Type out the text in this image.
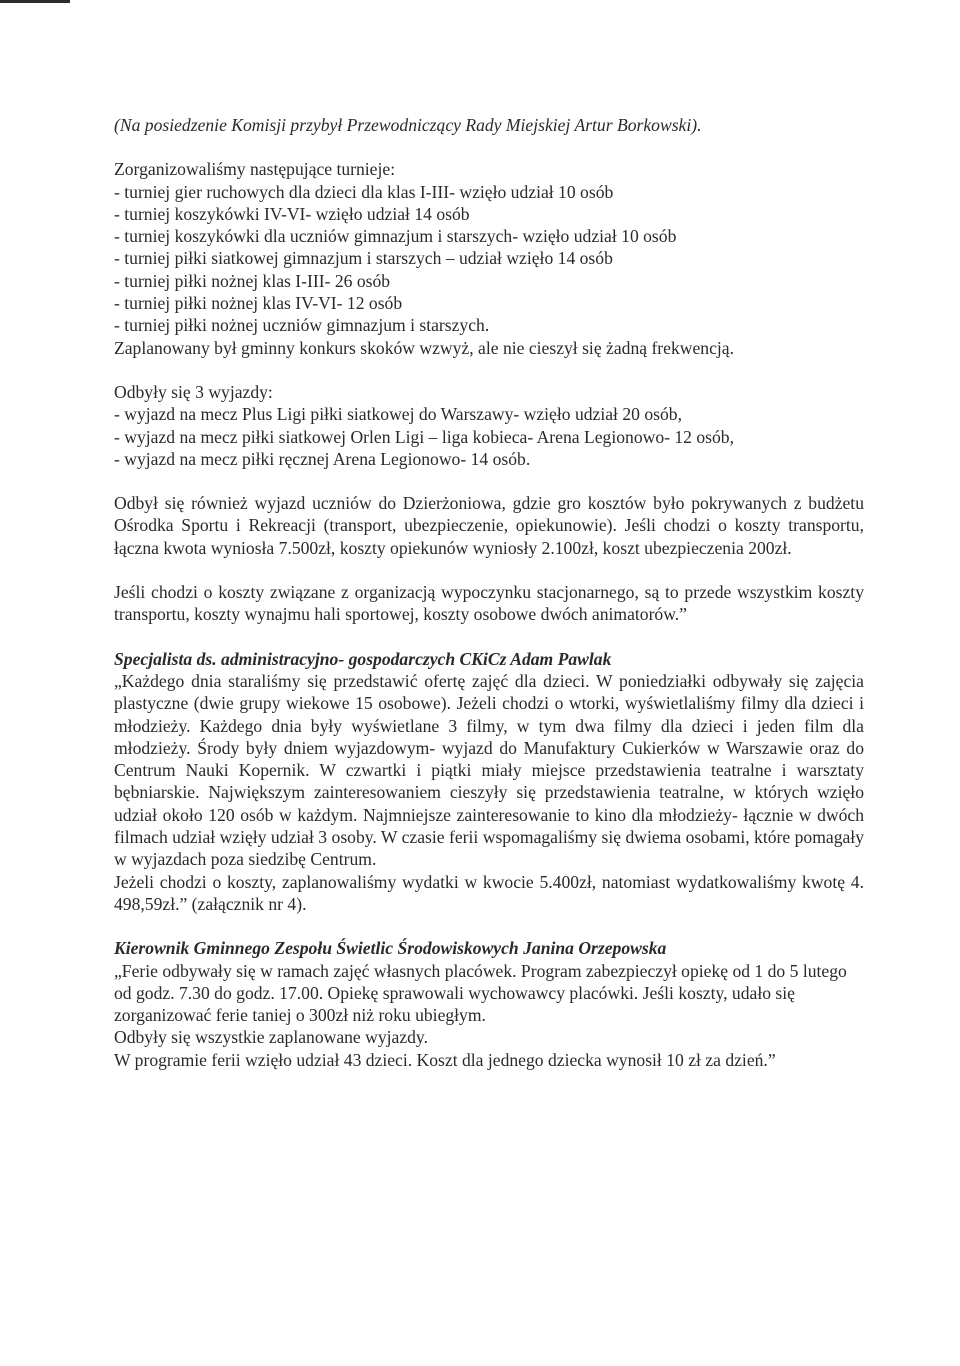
(Na posiedzenie Komisji przybył Przewodniczący Rady Miejskiej Artur Borkowski).

Zorganizowaliśmy następujące turnieje:

- turniej gier ruchowych dla dzieci dla klas I-III- wzięło udział 10 osób

- turniej koszykówki IV-VI- wzięło udział 14 osób

- turniej koszykówki dla uczniów gimnazjum i starszych- wzięło udział 10 osób

- turniej piłki siatkowej gimnazjum i starszych – udział wzięło 14 osób

- turniej piłki nożnej klas I-III- 26 osób

- turniej piłki nożnej klas IV-VI- 12 osób

- turniej piłki nożnej uczniów gimnazjum i starszych.

Zaplanowany był gminny konkurs skoków wzwyż, ale nie cieszył się żadną frekwencją.

Odbyły się 3 wyjazdy:

- wyjazd na mecz Plus Ligi piłki siatkowej do Warszawy- wzięło udział 20 osób,

- wyjazd na mecz piłki siatkowej Orlen Ligi – liga kobieca- Arena Legionowo- 12 osób,

- wyjazd na mecz piłki ręcznej Arena Legionowo- 14 osób.

Odbył się również wyjazd uczniów do Dzierżoniowa, gdzie gro kosztów było pokrywanych z budżetu Ośrodka Sportu i Rekreacji (transport, ubezpieczenie, opiekunowie). Jeśli chodzi o koszty transportu, łączna kwota wyniosła 7.500zł, koszty opiekunów wyniosły 2.100zł, koszt ubezpieczenia 200zł.

Jeśli chodzi o koszty związane z organizacją wypoczynku stacjonarnego, są to przede wszystkim koszty transportu, koszty wynajmu hali sportowej, koszty osobowe dwóch animatorów.”

Specjalista ds. administracyjno- gospodarczych CKiCz Adam Pawlak

„Każdego dnia staraliśmy się przedstawić ofertę zajęć dla dzieci. W poniedziałki odbywały się zajęcia plastyczne (dwie grupy wiekowe 15 osobowe). Jeżeli chodzi o wtorki, wyświetlaliśmy filmy dla dzieci i młodzieży. Każdego dnia były wyświetlane 3 filmy, w tym dwa filmy dla dzieci i jeden film dla młodzieży. Środy były dniem wyjazdowym- wyjazd do Manufaktury Cukierków w Warszawie oraz do Centrum Nauki Kopernik. W czwartki i piątki miały miejsce przedstawienia teatralne i warsztaty bębniarskie. Największym zainteresowaniem cieszyły się przedstawienia teatralne, w których wzięło udział około 120 osób w każdym. Najmniejsze zainteresowanie to kino dla młodzieży- łącznie w dwóch filmach udział wzięły udział 3 osoby. W czasie ferii wspomagaliśmy się dwiema osobami, które pomagały w wyjazdach poza siedzibę Centrum.

Jeżeli chodzi o koszty, zaplanowaliśmy wydatki w kwocie 5.400zł, natomiast wydatkowaliśmy kwotę 4. 498,59zł.” (załącznik nr 4).

Kierownik Gminnego Zespołu Świetlic Środowiskowych Janina Orzepowska

„Ferie odbywały się w ramach zajęć własnych placówek. Program zabezpieczył opiekę od 1 do 5 lutego od godz. 7.30 do godz. 17.00. Opiekę sprawowali wychowawcy placówki. Jeśli koszty, udało się zorganizować ferie taniej o 300zł niż roku ubiegłym.

Odbyły się wszystkie zaplanowane wyjazdy.

W programie ferii wzięło udział 43 dzieci. Koszt dla jednego dziecka wynosił 10 zł za dzień.”
